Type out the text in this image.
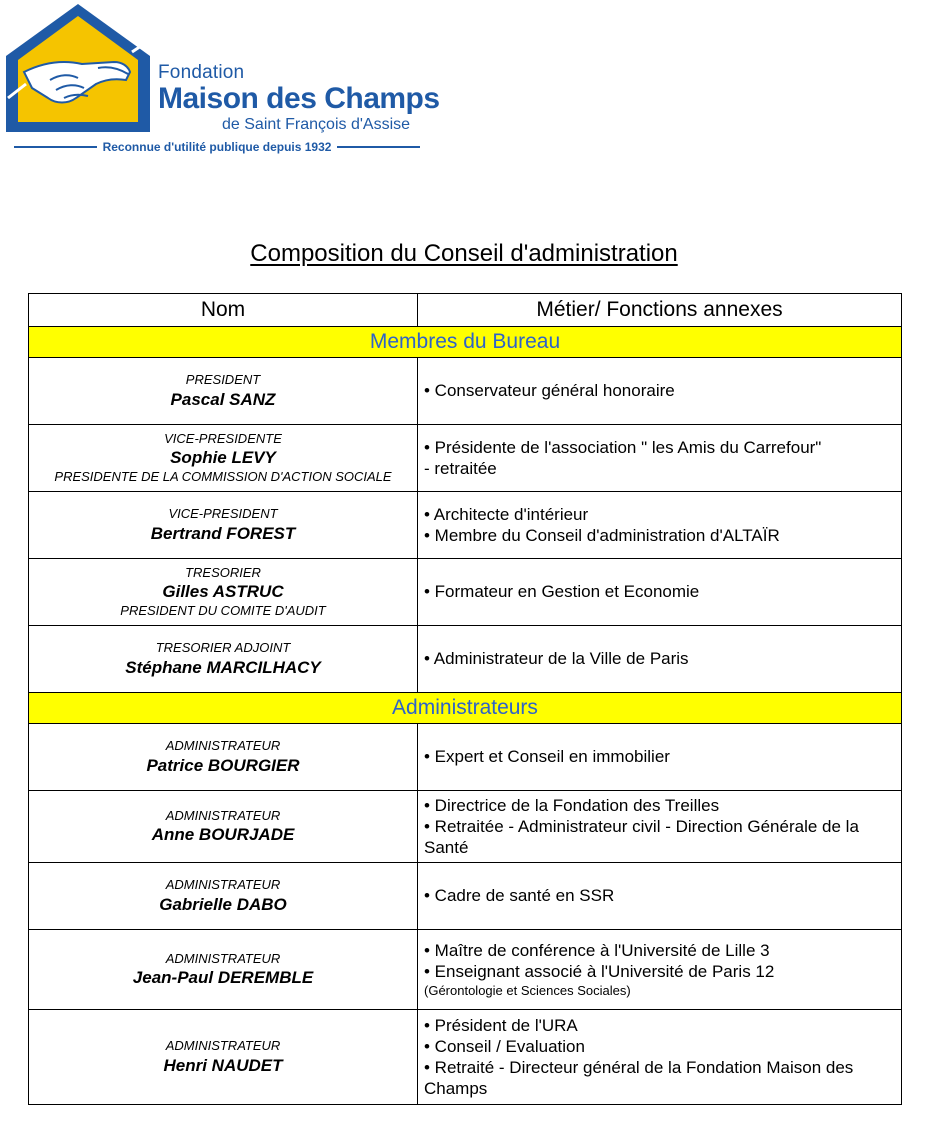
Fondation
Maison des Champs
de Saint François d'Assise
Reconnue d'utilité publique depuis 1932
Composition du Conseil d'administration
Nom	Métier/ Fonctions annexes
Membres du Bureau	

PRESIDENT
Pascal SANZ	• Conservateur général honoraire

VICE-PRESIDENTE
Sophie LEVY
PRESIDENTE DE LA COMMISSION D'ACTION SOCIALE	• Présidente de l'association " les Amis du Carrefour"
- retraitée

VICE-PRESIDENT
Bertrand FOREST	• Architecte d'intérieur
• Membre du Conseil d'administration d'ALTAÏR

TRESORIER
Gilles ASTRUC
PRESIDENT DU COMITE D'AUDIT	• Formateur en Gestion et Economie

TRESORIER ADJOINT
Stéphane MARCILHACY	• Administrateur de la Ville de Paris

Administrateurs	

ADMINISTRATEUR
Patrice BOURGIER	• Expert et Conseil en immobilier

ADMINISTRATEUR
Anne BOURJADE	• Directrice de la Fondation des Treilles
• Retraitée - Administrateur civil - Direction Générale de la Santé

ADMINISTRATEUR
Gabrielle DABO	• Cadre de santé en SSR

ADMINISTRATEUR
Jean-Paul DEREMBLE	• Maître de conférence à l'Université de Lille 3
• Enseignant associé à l'Université de Paris 12
(Gérontologie et Sciences Sociales)

ADMINISTRATEUR
Henri NAUDET	• Président de l'URA
• Conseil / Evaluation
• Retraité - Directeur général de la Fondation Maison des Champs
